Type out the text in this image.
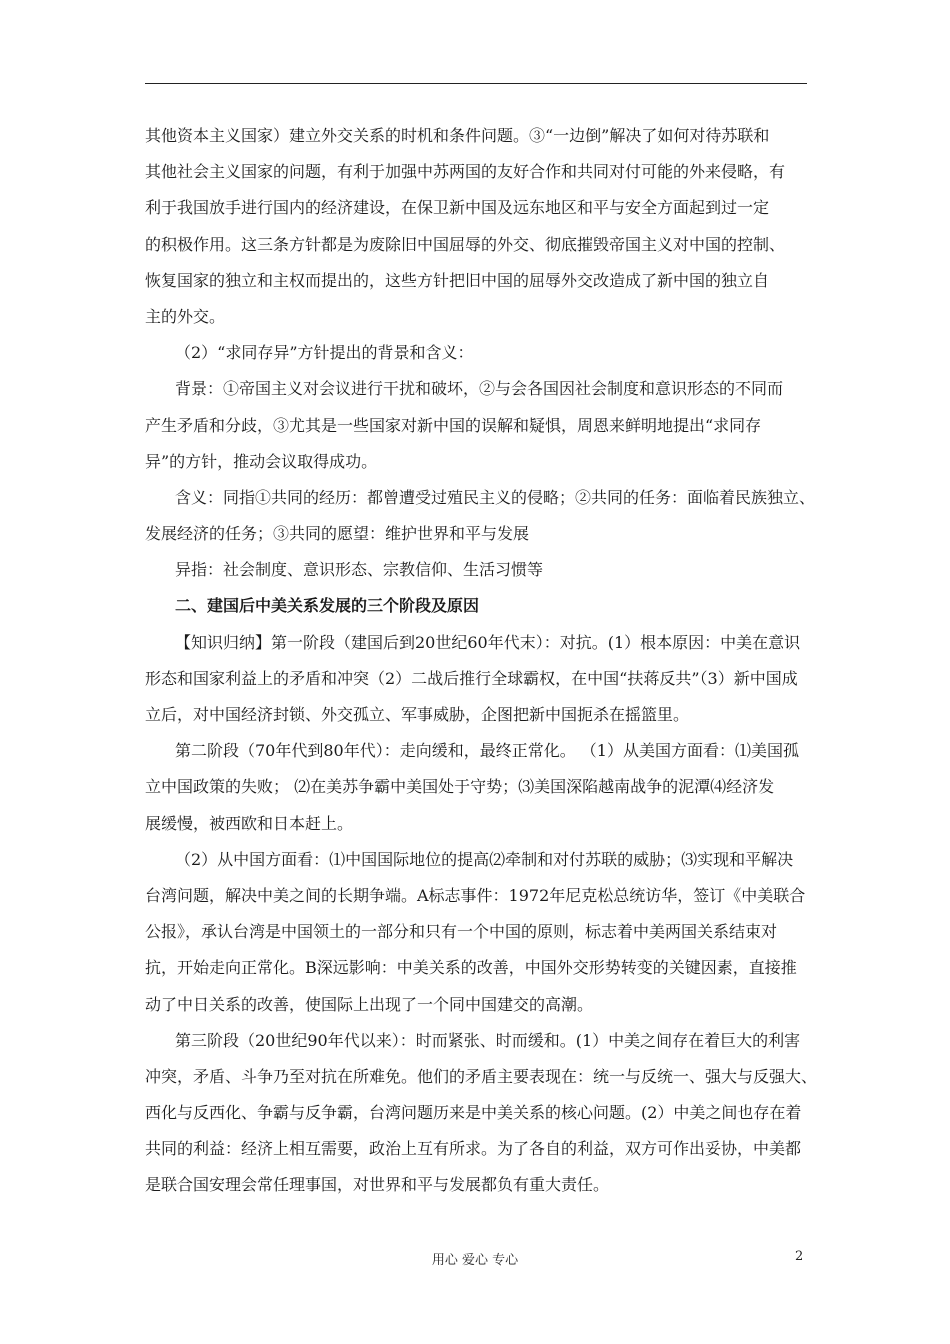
其他资本主义国家）建立外交关系的时机和条件问题。③“一边倒”解决了如何对待苏联和
其他社会主义国家的问题，有利于加强中苏两国的友好合作和共同对付可能的外来侵略，有
利于我国放手进行国内的经济建设，在保卫新中国及远东地区和平与安全方面起到过一定
的积极作用。这三条方针都是为废除旧中国屈辱的外交、彻底摧毁帝国主义对中国的控制、
恢复国家的独立和主权而提出的，这些方针把旧中国的屈辱外交改造成了新中国的独立自
主的外交。
（2）“求同存异”方针提出的背景和含义：
背景：①帝国主义对会议进行干扰和破坏，②与会各国因社会制度和意识形态的不同而
产生矛盾和分歧，③尤其是一些国家对新中国的误解和疑惧，周恩来鲜明地提出“求同存
异”的方针，推动会议取得成功。
含义：同指①共同的经历：都曾遭受过殖民主义的侵略；②共同的任务：面临着民族独立、
发展经济的任务；③共同的愿望：维护世界和平与发展
异指：社会制度、意识形态、宗教信仰、生活习惯等
二、建国后中美关系发展的三个阶段及原因
【知识归纳】第一阶段（建国后到20世纪60年代末）：对抗。(1）根本原因：中美在意识
形态和国家利益上的矛盾和冲突（2）二战后推行全球霸权，在中国“扶蒋反共”（3）新中国成
立后，对中国经济封锁、外交孤立、军事威胁，企图把新中国扼杀在摇篮里。
第二阶段（70年代到80年代）：走向缓和，最终正常化。 （1）从美国方面看：⑴美国孤
立中国政策的失败； ⑵在美苏争霸中美国处于守势；⑶美国深陷越南战争的泥潭⑷经济发
展缓慢，被西欧和日本赶上。
（2）从中国方面看：⑴中国国际地位的提高⑵牵制和对付苏联的威胁；⑶实现和平解决
台湾问题，解决中美之间的长期争端。A标志事件：1972年尼克松总统访华，签订《中美联合
公报》，承认台湾是中国领土的一部分和只有一个中国的原则，标志着中美两国关系结束对
抗，开始走向正常化。B深远影响：中美关系的改善，中国外交形势转变的关键因素，直接推
动了中日关系的改善，使国际上出现了一个同中国建交的高潮。
第三阶段（20世纪90年代以来）：时而紧张、时而缓和。(1）中美之间存在着巨大的利害
冲突，矛盾、斗争乃至对抗在所难免。他们的矛盾主要表现在：统一与反统一、强大与反强大、
西化与反西化、争霸与反争霸，台湾问题历来是中美关系的核心问题。(2）中美之间也存在着
共同的利益：经济上相互需要，政治上互有所求。为了各自的利益，双方可作出妥协，中美都
是联合国安理会常任理事国，对世界和平与发展都负有重大责任。
用心 爱心 专心	2
